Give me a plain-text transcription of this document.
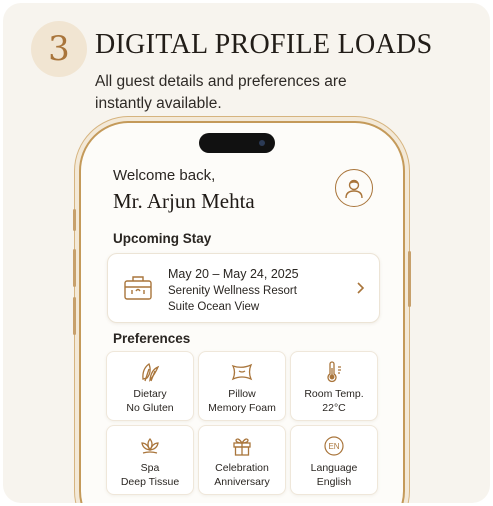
3 DIGITAL PROFILE LOADS
All guest details and preferences are instantly available.
Welcome back,
Mr. Arjun Mehta
Upcoming Stay
May 20 – May 24, 2025
Serenity Wellness Resort
Suite Ocean View
Preferences
Dietary
No Gluten
Pillow
Memory Foam
Room Temp.
22°C
Spa
Deep Tissue
Celebration
Anniversary
EN
Language
English
